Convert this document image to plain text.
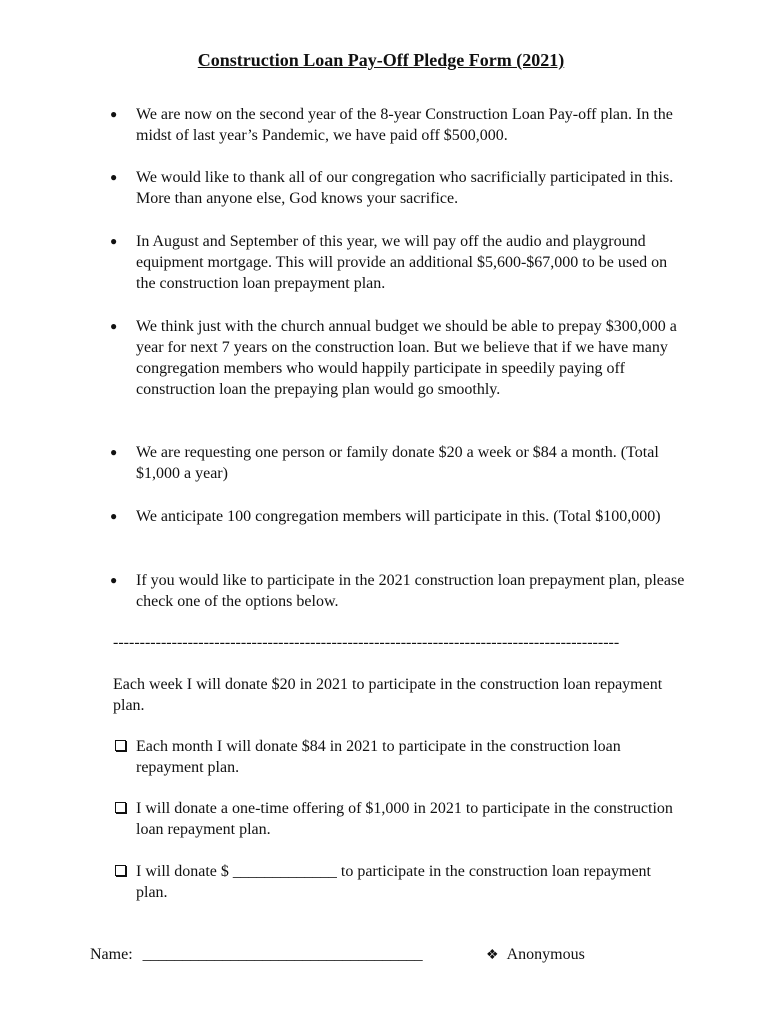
Construction Loan Pay-Off Pledge Form (2021)
● We are now on the second year of the 8-year Construction Loan Pay-off plan. In the midst of last year’s Pandemic, we have paid off $500,000.
● We would like to thank all of our congregation who sacrificially participated in this. More than anyone else, God knows your sacrifice.
● In August and September of this year, we will pay off the audio and playground equipment mortgage. This will provide an additional $5,600-$67,000 to be used on the construction loan prepayment plan.
● We think just with the church annual budget we should be able to prepay $300,000 a year for next 7 years on the construction loan. But we believe that if we have many congregation members who would happily participate in speedily paying off construction loan the prepaying plan would go smoothly.
● We are requesting one person or family donate $20 a week or $84 a month. (Total $1,000 a year)
● We anticipate 100 congregation members will participate in this. (Total $100,000)
● If you would like to participate in the 2021 construction loan prepayment plan, please check one of the options below.
-----------------------------------------------------------------------------------------------
Each week I will donate $20 in 2021 to participate in the construction loan repayment plan.
Each month I will donate $84 in 2021 to participate in the construction loan repayment plan.
I will donate a one-time offering of $1,000 in 2021 to participate in the construction loan repayment plan.
I will donate $ _____________ to participate in the construction loan repayment plan.
Name: ___________________________________	❖ Anonymous
